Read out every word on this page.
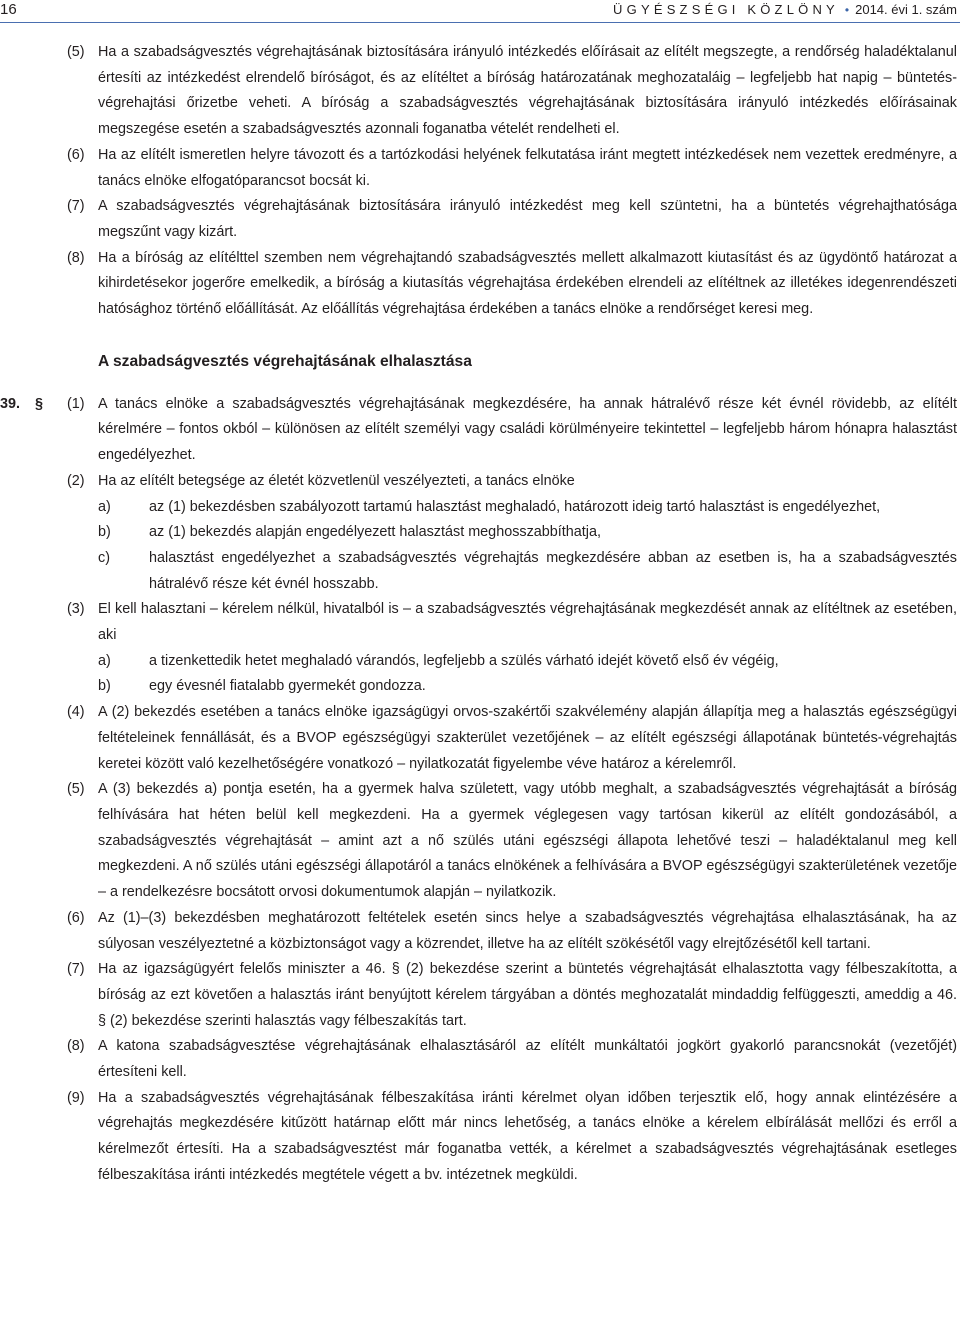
16	ÜGYÉSZSÉGI KÖZLÖNY • 2014. évi 1. szám
(5) Ha a szabadságvesztés végrehajtásának biztosítására irányuló intézkedés előírásait az elítélt megszegte, a rendőrség haladéktalanul értesíti az intézkedést elrendelő bíróságot, és az elítéltet a bíróság határozatának meghozataláig – legfeljebb hat napig – büntetés-végrehajtási őrizetbe veheti. A bíróság a szabadságvesztés végrehajtásának biztosítására irányuló intézkedés előírásainak megszegése esetén a szabadságvesztés azonnali foganatba vételét rendelheti el.
(6) Ha az elítélt ismeretlen helyre távozott és a tartózkodási helyének felkutatása iránt megtett intézkedések nem vezettek eredményre, a tanács elnöke elfogatóparancsot bocsát ki.
(7) A szabadságvesztés végrehajtásának biztosítására irányuló intézkedést meg kell szüntetni, ha a büntetés végrehajthatósága megszűnt vagy kizárt.
(8) Ha a bíróság az elítélttel szemben nem végrehajtandó szabadságvesztés mellett alkalmazott kiutasítást és az ügydöntő határozat a kihirdetésekor jogerőre emelkedik, a bíróság a kiutasítás végrehajtása érdekében elrendeli az elítéltnek az illetékes idegenrendészeti hatósághoz történő előállítását. Az előállítás végrehajtása érdekében a tanács elnöke a rendőrséget keresi meg.
A szabadságvesztés végrehajtásának elhalasztása
39. § (1) A tanács elnöke a szabadságvesztés végrehajtásának megkezdésére, ha annak hátralévő része két évnél rövidebb, az elítélt kérelmére – fontos okból – különösen az elítélt személyi vagy családi körülményeire tekintettel – legfeljebb három hónapra halasztást engedélyezhet.
(2) Ha az elítélt betegsége az életét közvetlenül veszélyezteti, a tanács elnöke
a)	az (1) bekezdésben szabályozott tartamú halasztást meghaladó, határozott ideig tartó halasztást is engedélyezhet,
b)	az (1) bekezdés alapján engedélyezett halasztást meghosszabbíthatja,
c)	halasztást engedélyezhet a szabadságvesztés végrehajtás megkezdésére abban az esetben is, ha a szabadságvesztés hátralévő része két évnél hosszabb.
(3) El kell halasztani – kérelem nélkül, hivatalból is – a szabadságvesztés végrehajtásának megkezdését annak az elítéltnek az esetében, aki
a)	a tizenkettedik hetet meghaladó várandós, legfeljebb a szülés várható idejét követő első év végéig,
b)	egy évesnél fiatalabb gyermekét gondozza.
(4) A (2) bekezdés esetében a tanács elnöke igazságügyi orvos-szakértői szakvélemény alapján állapítja meg a halasztás egészségügyi feltételeinek fennállását, és a BVOP egészségügyi szakterület vezetőjének – az elítélt egészségi állapotának büntetés-végrehajtás keretei között való kezelhetőségére vonatkozó – nyilatkozatát figyelembe véve határoz a kérelemről.
(5) A (3) bekezdés a) pontja esetén, ha a gyermek halva született, vagy utóbb meghalt, a szabadságvesztés végrehajtását a bíróság felhívására hat héten belül kell megkezdeni. Ha a gyermek véglegesen vagy tartósan kikerül az elítélt gondozásából, a szabadságvesztés végrehajtását – amint azt a nő szülés utáni egészségi állapota lehetővé teszi – haladéktalanul meg kell megkezdeni. A nő szülés utáni egészségi állapotáról a tanács elnökének a felhívására a BVOP egészségügyi szakterületének vezetője – a rendelkezésre bocsátott orvosi dokumentumok alapján – nyilatkozik.
(6) Az (1)–(3) bekezdésben meghatározott feltételek esetén sincs helye a szabadságvesztés végrehajtása elhalasztásának, ha az súlyosan veszélyeztetné a közbiztonságot vagy a közrendet, illetve ha az elítélt szökésétől vagy elrejtőzésétől kell tartani.
(7) Ha az igazságügyért felelős miniszter a 46. § (2) bekezdése szerint a büntetés végrehajtását elhalasztotta vagy félbeszakította, a bíróság az ezt követően a halasztás iránt benyújtott kérelem tárgyában a döntés meghozatalát mindaddig felfüggeszti, ameddig a 46. § (2) bekezdése szerinti halasztás vagy félbeszakítás tart.
(8) A katona szabadságvesztése végrehajtásának elhalasztásáról az elítélt munkáltatói jogkört gyakorló parancsnokát (vezetőjét) értesíteni kell.
(9) Ha a szabadságvesztés végrehajtásának félbeszakítása iránti kérelmet olyan időben terjesztik elő, hogy annak elintézésére a végrehajtás megkezdésére kitűzött határnap előtt már nincs lehetőség, a tanács elnöke a kérelem elbírálását mellőzi és erről a kérelmezőt értesíti. Ha a szabadságvesztést már foganatba vették, a kérelmet a szabadságvesztés végrehajtásának esetleges félbeszakítása iránti intézkedés megtétele végett a bv. intézetnek megküldi.
